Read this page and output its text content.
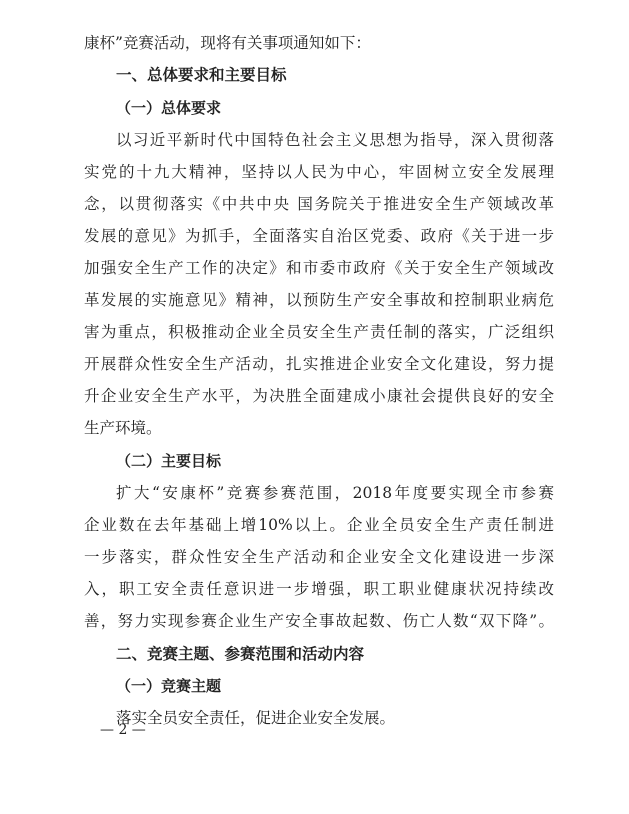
康杯”竞赛活动，现将有关事项通知如下：
一、总体要求和主要目标
（一）总体要求
以习近平新时代中国特色社会主义思想为指导，深入贯彻落
实党的十九大精神，坚持以人民为中心，牢固树立安全发展理
念，以贯彻落实《中共中央 国务院关于推进安全生产领域改革
发展的意见》为抓手，全面落实自治区党委、政府《关于进一步
加强安全生产工作的决定》和市委市政府《关于安全生产领域改
革发展的实施意见》精神，以预防生产安全事故和控制职业病危
害为重点，积极推动企业全员安全生产责任制的落实，广泛组织
开展群众性安全生产活动，扎实推进企业安全文化建设，努力提
升企业安全生产水平，为决胜全面建成小康社会提供良好的安全
生产环境。
（二）主要目标
扩大“安康杯”竞赛参赛范围，2018年度要实现全市参赛
企业数在去年基础上增10%以上。企业全员安全生产责任制进
一步落实，群众性安全生产活动和企业安全文化建设进一步深
入，职工安全责任意识进一步增强，职工职业健康状况持续改
善，努力实现参赛企业生产安全事故起数、伤亡人数“双下降”。
二、竞赛主题、参赛范围和活动内容
（一）竞赛主题
落实全员安全责任，促进企业安全发展。
— 2 —
